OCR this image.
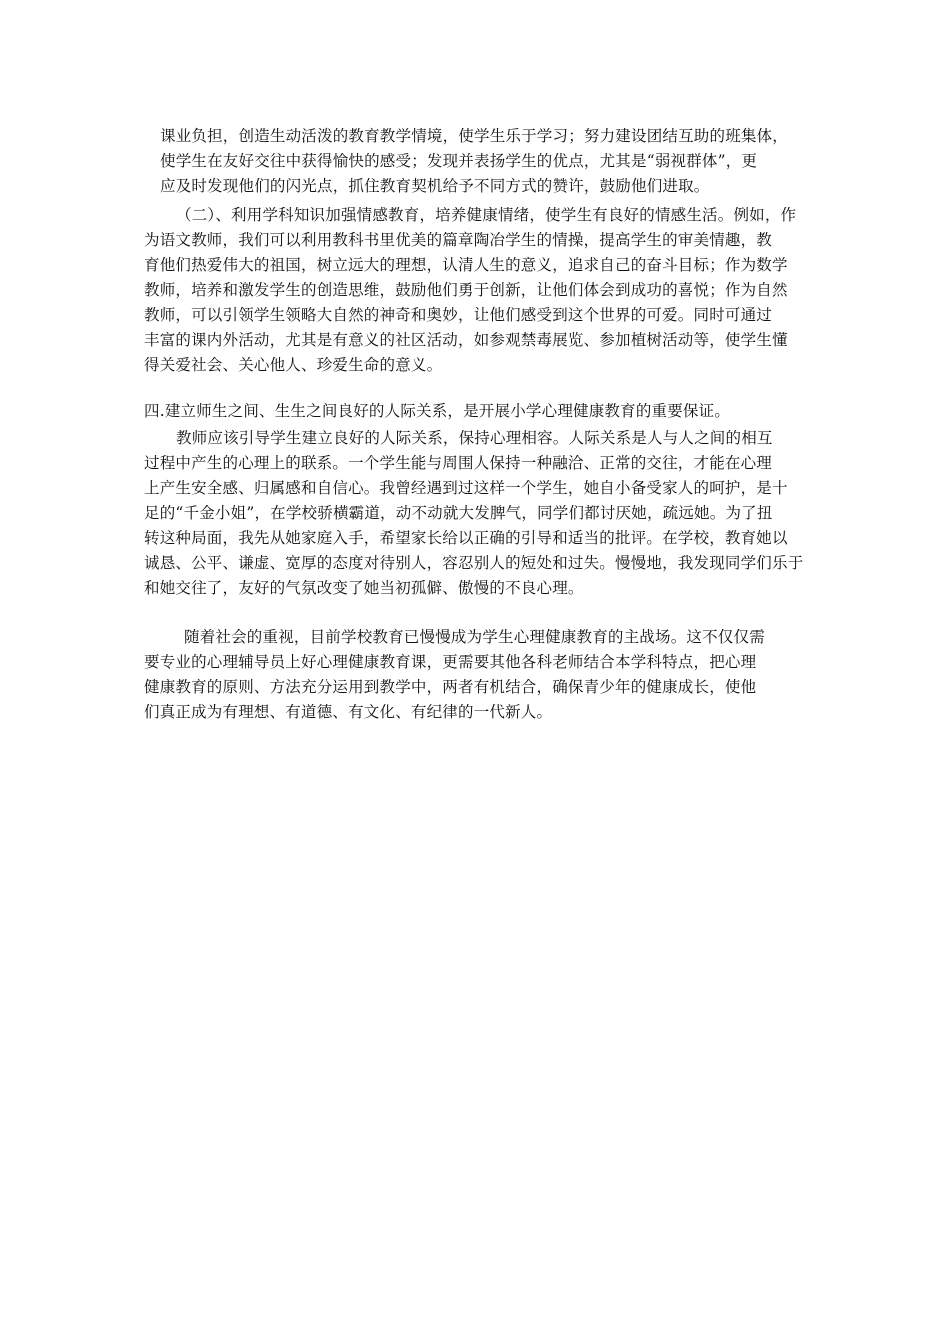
课业负担，创造生动活泼的教育教学情境，使学生乐于学习；努力建设团结互助的班集体，
使学生在友好交往中获得愉快的感受；发现并表扬学生的优点，尤其是“弱视群体”，更
应及时发现他们的闪光点，抓住教育契机给予不同方式的赞许，鼓励他们进取。
（二）、利用学科知识加强情感教育，培养健康情绪，使学生有良好的情感生活。例如，作
为语文教师，我们可以利用教科书里优美的篇章陶冶学生的情操，提高学生的审美情趣，教
育他们热爱伟大的祖国，树立远大的理想，认清人生的意义，追求自己的奋斗目标；作为数学
教师，培养和激发学生的创造思维，鼓励他们勇于创新，让他们体会到成功的喜悦；作为自然
教师，可以引领学生领略大自然的神奇和奥妙，让他们感受到这个世界的可爱。同时可通过
丰富的课内外活动，尤其是有意义的社区活动，如参观禁毒展览、参加植树活动等，使学生懂
得关爱社会、关心他人、珍爱生命的意义。
四.建立师生之间、生生之间良好的人际关系，是开展小学心理健康教育的重要保证。
教师应该引导学生建立良好的人际关系，保持心理相容。人际关系是人与人之间的相互
过程中产生的心理上的联系。一个学生能与周围人保持一种融洽、正常的交往，才能在心理
上产生安全感、归属感和自信心。我曾经遇到过这样一个学生，她自小备受家人的呵护，是十
足的“千金小姐”，在学校骄横霸道，动不动就大发脾气，同学们都讨厌她，疏远她。为了扭
转这种局面，我先从她家庭入手，希望家长给以正确的引导和适当的批评。在学校，教育她以
诚恳、公平、谦虚、宽厚的态度对待别人，容忍别人的短处和过失。慢慢地，我发现同学们乐于
和她交往了，友好的气氛改变了她当初孤僻、傲慢的不良心理。
随着社会的重视，目前学校教育已慢慢成为学生心理健康教育的主战场。这不仅仅需
要专业的心理辅导员上好心理健康教育课，更需要其他各科老师结合本学科特点，把心理
健康教育的原则、方法充分运用到教学中，两者有机结合，确保青少年的健康成长，使他
们真正成为有理想、有道德、有文化、有纪律的一代新人。
